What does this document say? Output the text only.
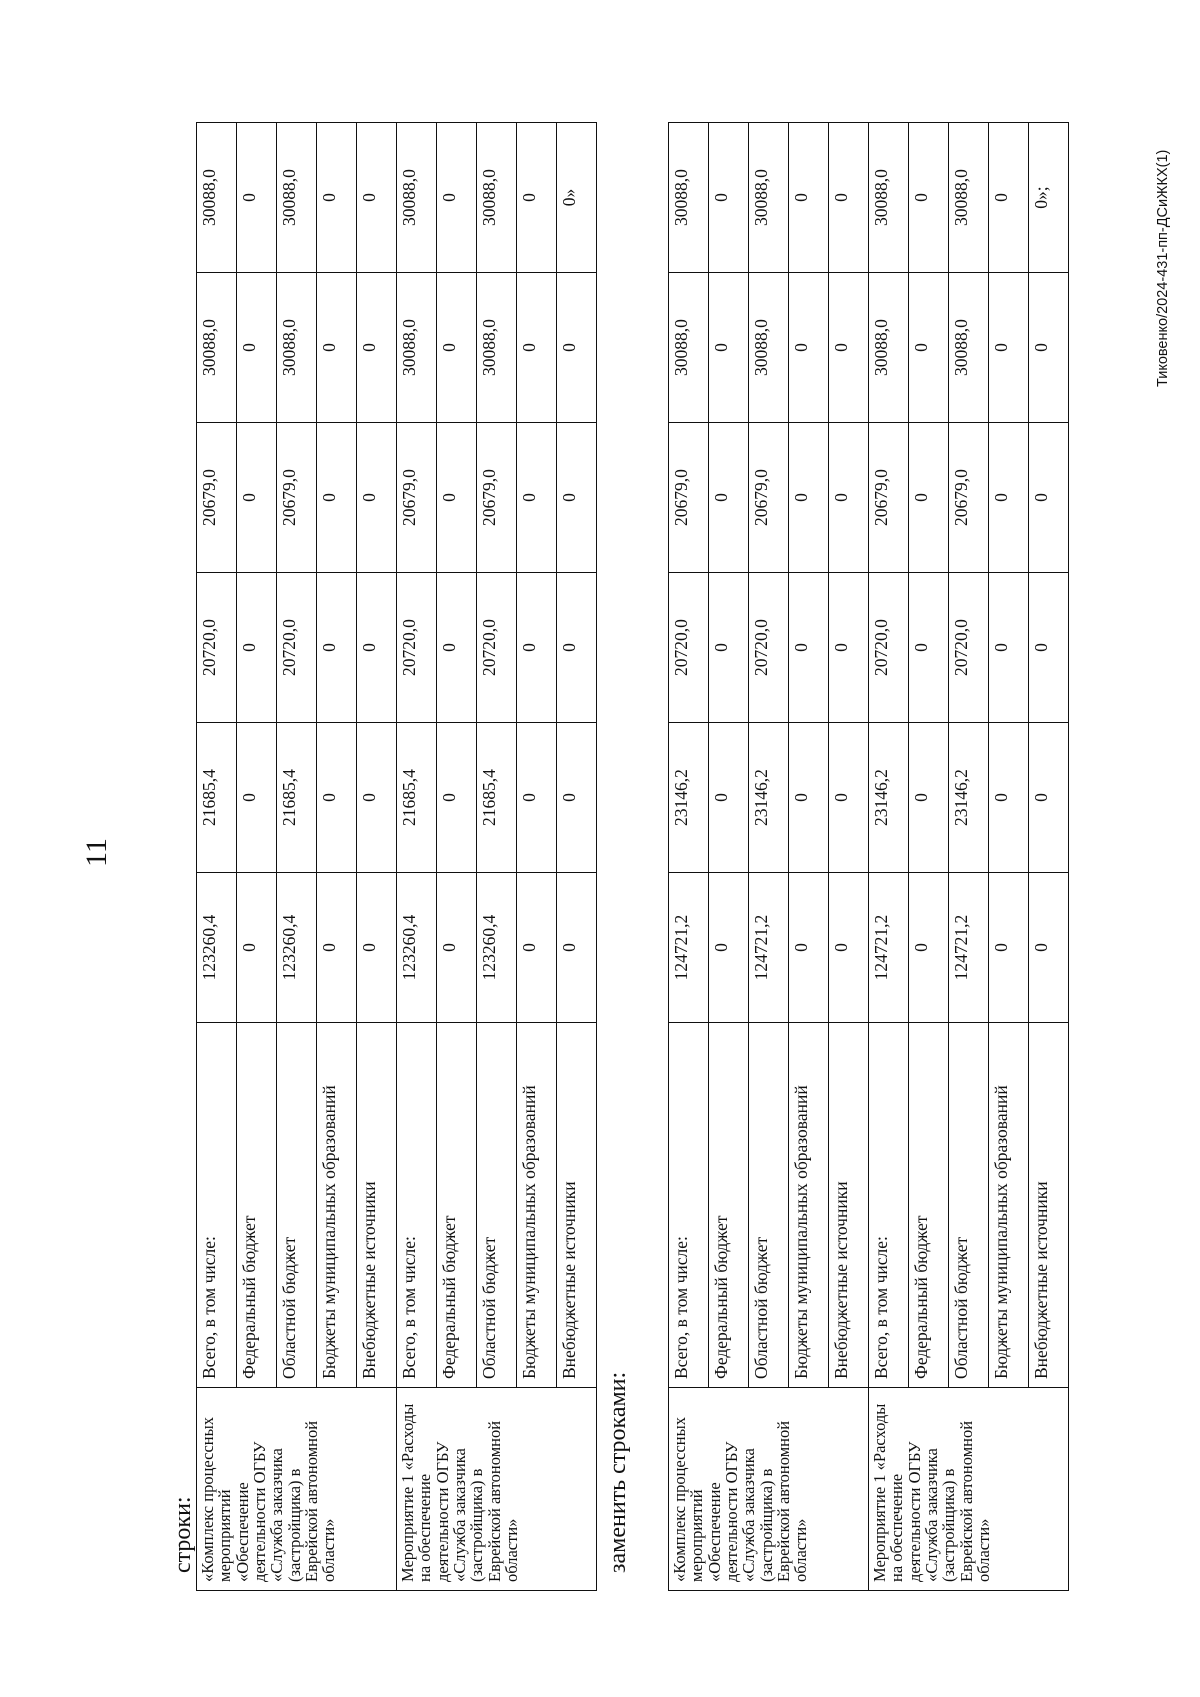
11
строки: «Комплекс процессных мероприятий «Обеспечение деятельности ОГБУ «Служба заказчика (застройщика) в Еврейской автономной области»	Всего, в том числе:	123260,4	21685,4	20720,0	20679,0	30088,0	30088,0
	Федеральный бюджет	0	0	0	0	0	0
	Областной бюджет	123260,4	21685,4	20720,0	20679,0	30088,0	30088,0
	Бюджеты муниципальных образований	0	0	0	0	0	0
	Внебюджетные источники	0	0	0	0	0	0
Мероприятие 1 «Расходы на обеспечение деятельности ОГБУ «Служба заказчика (застройщика) в Еврейской автономной области»	Всего, в том числе:	123260,4	21685,4	20720,0	20679,0	30088,0	30088,0
	Федеральный бюджет	0	0	0	0	0	0
	Областной бюджет	123260,4	21685,4	20720,0	20679,0	30088,0	30088,0
	Бюджеты муниципальных образований	0	0	0	0	0	0
	Внебюджетные источники	0	0	0	0	0	0»
заменить строками: «Комплекс процессных мероприятий «Обеспечение деятельности ОГБУ «Служба заказчика (застройщика) в Еврейской автономной области»	Всего, в том числе:	124721,2	23146,2	20720,0	20679,0	30088,0	30088,0
	Федеральный бюджет	0	0	0	0	0	0
	Областной бюджет	124721,2	23146,2	20720,0	20679,0	30088,0	30088,0
	Бюджеты муниципальных образований	0	0	0	0	0	0
	Внебюджетные источники	0	0	0	0	0	0
Мероприятие 1 «Расходы на обеспечение деятельности ОГБУ «Служба заказчика (застройщика) в Еврейской автономной области»	Всего, в том числе:	124721,2	23146,2	20720,0	20679,0	30088,0	30088,0
	Федеральный бюджет	0	0	0	0	0	0
	Областной бюджет	124721,2	23146,2	20720,0	20679,0	30088,0	30088,0
	Бюджеты муниципальных образований	0	0	0	0	0	0
	Внебюджетные источники	0	0	0	0	0	0»;	Тиковенко/2024-431-пп-ДСиЖКХ(1)
